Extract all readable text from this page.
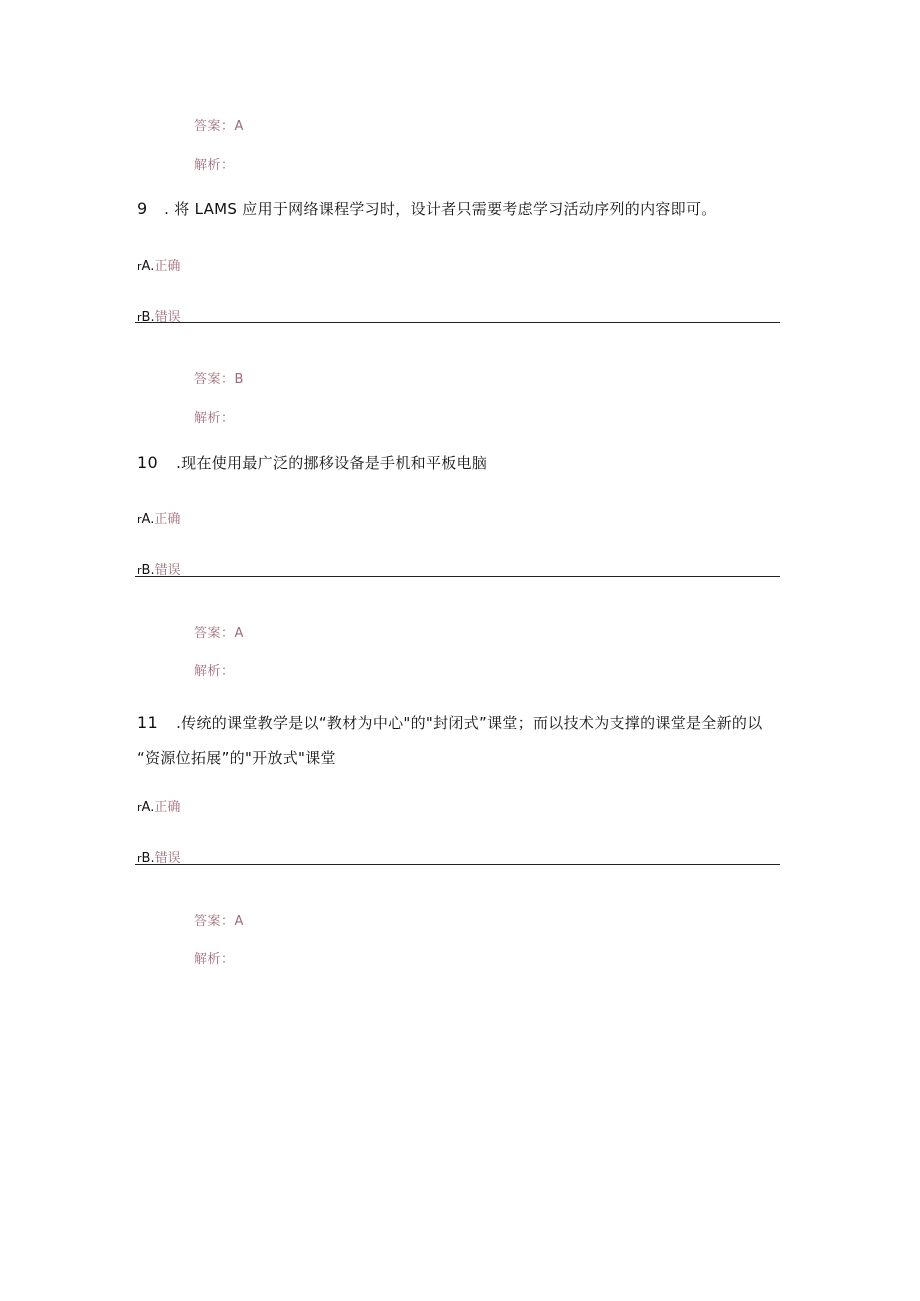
答案：A
解析：
9 . 将 LAMS 应用于网络课程学习时，设计者只需要考虑学习活动序列的内容即可。
rA.正确
rB.错误
答案：B
解析：
10 .现在使用最广泛的挪移设备是手机和平板电脑
rA.正确
rB.错误
答案：A
解析：
11 .传统的课堂教学是以“教材为中心"的"封闭式”课堂；而以技术为支撑的课堂是全新的以
“资源位拓展”的"开放式"课堂
rA.正确
rB.错误
答案：A
解析：
